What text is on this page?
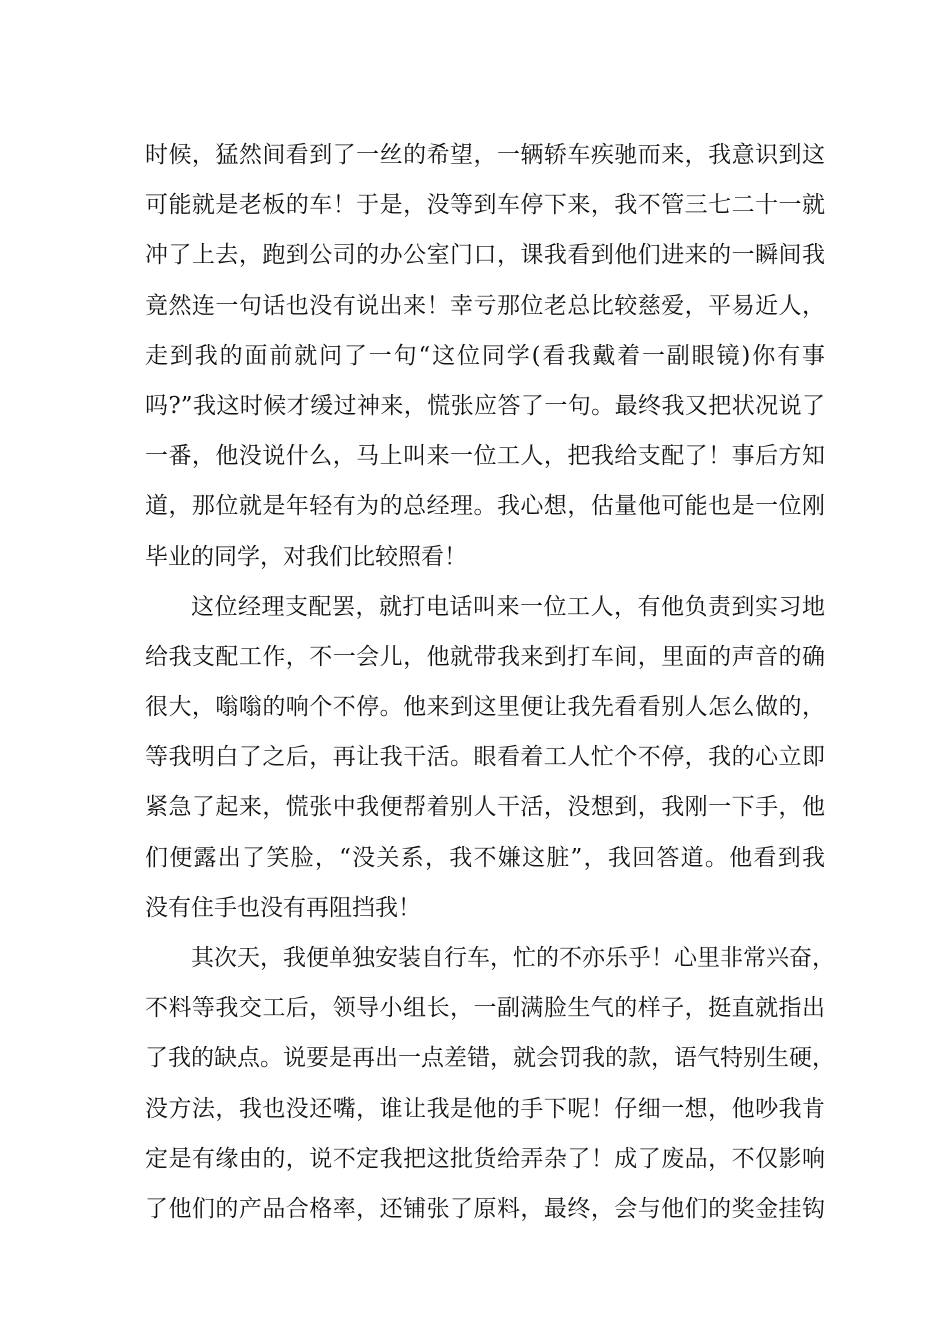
时候，猛然间看到了一丝的希望，一辆轿车疾驰而来，我意识到这
可能就是老板的车！于是，没等到车停下来，我不管三七二十一就
冲了上去，跑到公司的办公室门口，课我看到他们进来的一瞬间我
竟然连一句话也没有说出来！幸亏那位老总比较慈爱，平易近人，
走到我的面前就问了一句“这位同学(看我戴着一副眼镜)你有事
吗?”我这时候才缓过神来，慌张应答了一句。最终我又把状况说了
一番，他没说什么，马上叫来一位工人，把我给支配了！事后方知
道，那位就是年轻有为的总经理。我心想，估量他可能也是一位刚
毕业的同学，对我们比较照看！
这位经理支配罢，就打电话叫来一位工人，有他负责到实习地
给我支配工作，不一会儿，他就带我来到打车间，里面的声音的确
很大，嗡嗡的响个不停。他来到这里便让我先看看别人怎么做的，
等我明白了之后，再让我干活。眼看着工人忙个不停，我的心立即
紧急了起来，慌张中我便帮着别人干活，没想到，我刚一下手，他
们便露出了笑脸，“没关系，我不嫌这脏”，我回答道。他看到我
没有住手也没有再阻挡我！
其次天，我便单独安装自行车，忙的不亦乐乎！心里非常兴奋，
不料等我交工后，领导小组长，一副满脸生气的样子，挺直就指出
了我的缺点。说要是再出一点差错，就会罚我的款，语气特别生硬，
没方法，我也没还嘴，谁让我是他的手下呢！仔细一想，他吵我肯
定是有缘由的，说不定我把这批货给弄杂了！成了废品，不仅影响
了他们的产品合格率，还铺张了原料，最终，会与他们的奖金挂钩
